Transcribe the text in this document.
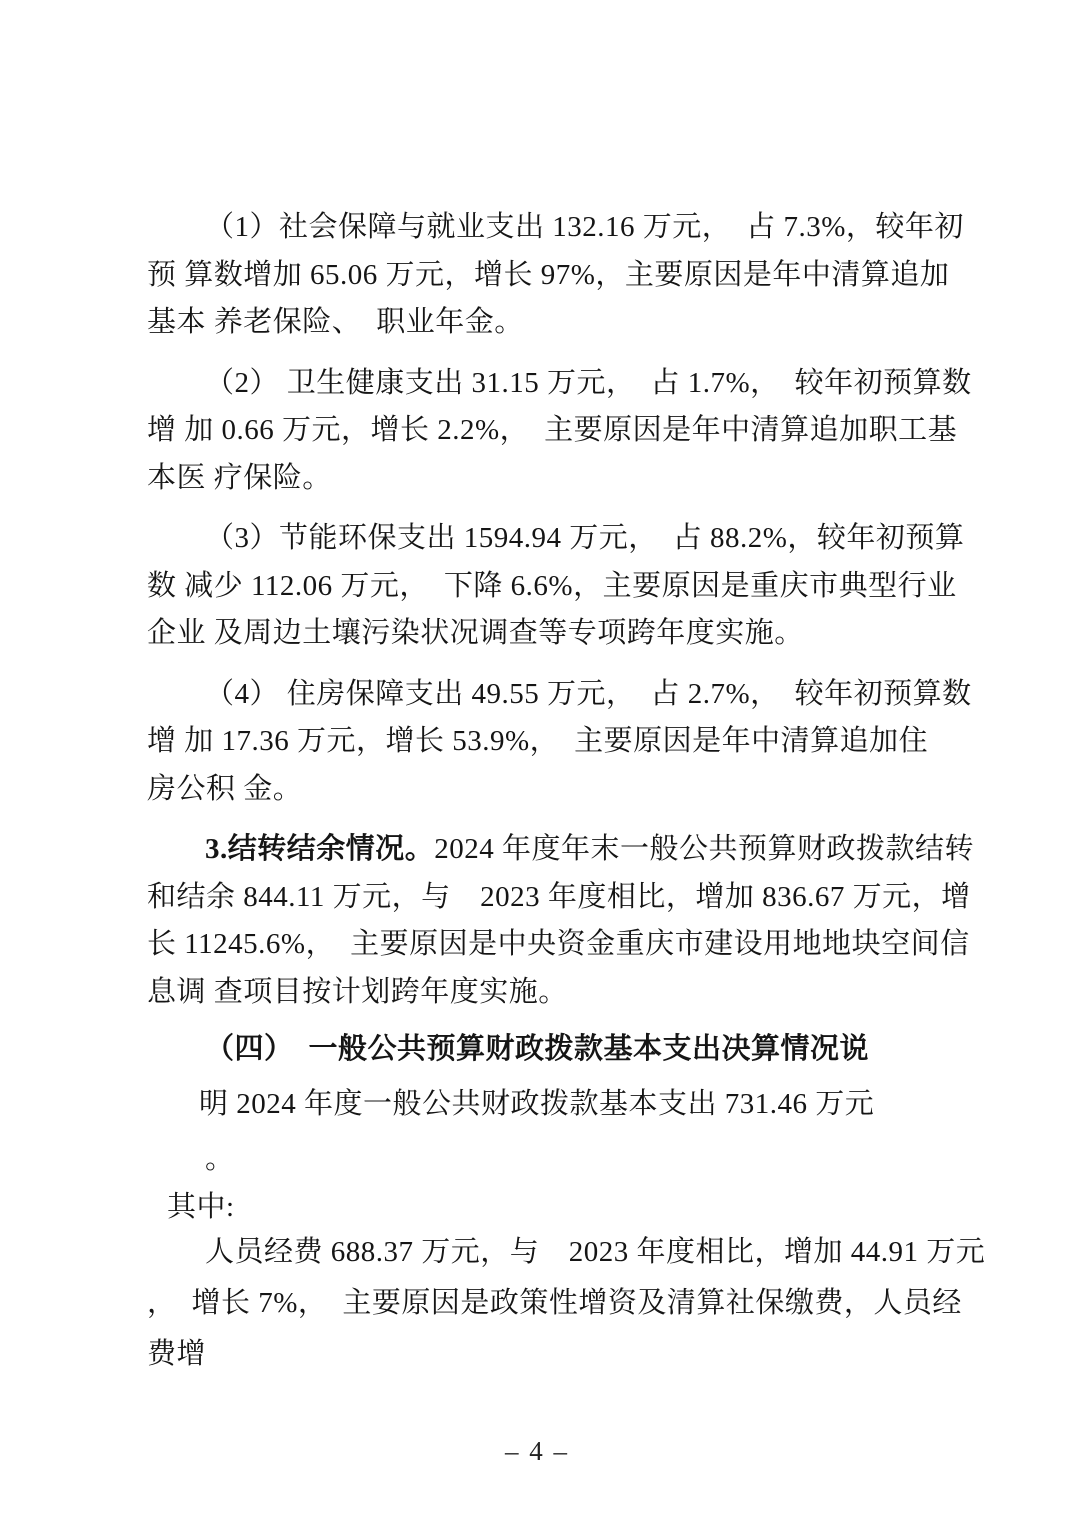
（1）社会保障与就业支出 132.16 万元，　占 7.3%，较年初
预 算数增加 65.06 万元，增长 97%，主要原因是年中清算追加
基本 养老保险、　职业年金。
（2） 卫生健康支出 31.15 万元，　占 1.7%，　较年初预算数
增 加 0.66 万元，增长 2.2%，　主要原因是年中清算追加职工基
本医 疗保险。
（3）节能环保支出 1594.94 万元，　占 88.2%，较年初预算
数 减少 112.06 万元，　下降 6.6%，主要原因是重庆市典型行业
企业 及周边土壤污染状况调查等专项跨年度实施。
（4） 住房保障支出 49.55 万元，　占 2.7%，　较年初预算数
增 加 17.36 万元，增长 53.9%，　主要原因是年中清算追加住
房公积 金。
3.结转结余情况。2024 年度年末一般公共预算财政拨款结转
和结余 844.11 万元，与　2023 年度相比，增加 836.67 万元，增
长 11245.6%，　主要原因是中央资金重庆市建设用地地块空间信
息调 查项目按计划跨年度实施。
（四）　一般公共预算财政拨款基本支出决算情况说
明 2024 年度一般公共财政拨款基本支出 731.46 万元
。
其中:
人员经费 688.37 万元，与　2023 年度相比，增加 44.91 万元
，　增长 7%，　主要原因是政策性增资及清算社保缴费，人员经
费增
– 4 –
